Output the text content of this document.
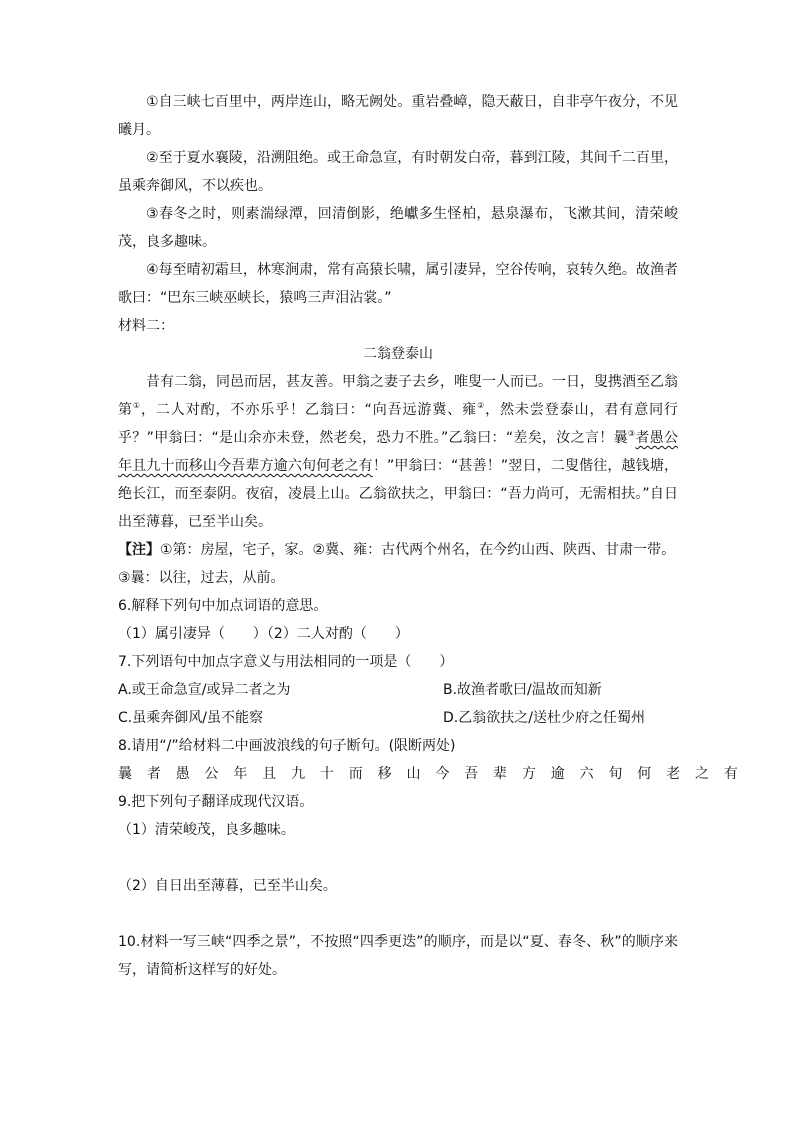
①自三峡七百里中，两岸连山，略无阙处。重岩叠嶂，隐天蔽日，自非亭午夜分，不见曦月。

②至于夏水襄陵，沿溯阻绝。或王命急宣，有时朝发白帝，暮到江陵，其间千二百里，虽乘奔御风，不以疾也。

③春冬之时，则素湍绿潭，回清倒影，绝巘多生怪柏，悬泉瀑布，飞漱其间，清荣峻茂，良多趣味。

④每至晴初霜旦，林寒涧肃，常有高猿长啸，属引凄异，空谷传响，哀转久绝。故渔者歌曰：“巴东三峡巫峡长，猿鸣三声泪沾裳。”

材料二：

二翁登泰山

昔有二翁，同邑而居，甚友善。甲翁之妻子去乡，唯叟一人而已。一日，叟携酒至乙翁第①，二人对酌，不亦乐乎！乙翁曰：“向吾远游冀、雍②，然未尝登泰山，君有意同行乎？”甲翁曰：“是山余亦未登，然老矣，恐力不胜。”乙翁曰：“差矣，汝之言！曩③者愚公年且九十而移山今吾辈方逾六旬何老之有！”甲翁曰：“甚善！”翌日，二叟偕往，越钱塘，绝长江，而至泰阴。夜宿，凌晨上山。乙翁欲扶之，甲翁曰：“吾力尚可，无需相扶。”自日出至薄暮，已至半山矣。

【注】①第：房屋，宅子，家。②冀、雍：古代两个州名，在今约山西、陕西、甘肃一带。③曩：以往，过去，从前。

6.解释下列句中加点词语的意思。

（1）属引凄异（　　）（2）二人对酌（　　）

7.下列语句中加点字意义与用法相同的一项是（　　）

A.或王命急宣/或异二者之为	B.故渔者歌曰/温故而知新
C.虽乘奔御风/虽不能察	D.乙翁欲扶之/送杜少府之任蜀州

8.请用“/”给材料二中画波浪线的句子断句。(限断两处)

曩 者 愚 公 年 且 九 十 而 移 山 今 吾 辈 方 逾 六 旬 何 老 之 有

9.把下列句子翻译成现代汉语。

（1）清荣峻茂，良多趣味。

（2）自日出至薄暮，已至半山矣。

10.材料一写三峡“四季之景”，不按照“四季更迭”的顺序，而是以“夏、春冬、秋”的顺序来写，请简析这样写的好处。
